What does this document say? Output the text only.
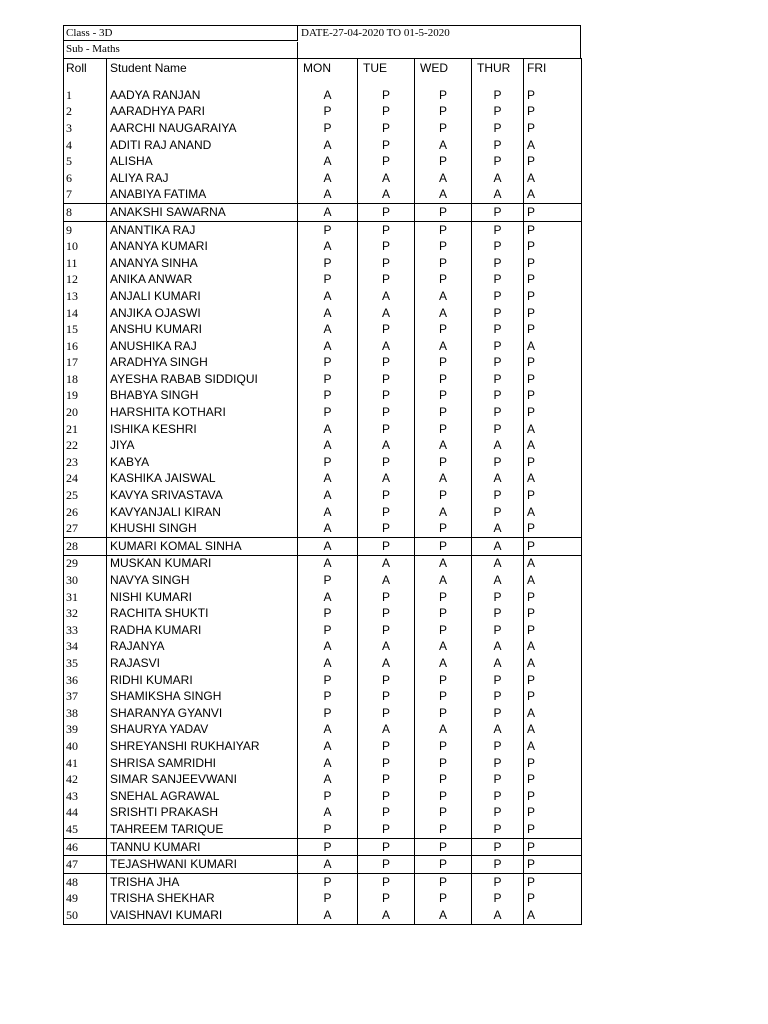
Class - 3D
Sub - Maths
DATE-27-04-2020 TO 01-5-2020
Roll	Student Name	MON	TUE	WED	THUR	FRI
1	AADYA RANJAN	A	P	P	P	P
2	AARADHYA PARI	P	P	P	P	P
3	AARCHI NAUGARAIYA	P	P	P	P	P
4	ADITI RAJ ANAND	A	P	A	P	A
5	ALISHA	A	P	P	P	P
6	ALIYA RAJ	A	A	A	A	A
7	ANABIYA FATIMA	A	A	A	A	A
8	ANAKSHI SAWARNA	A	P	P	P	P
9	ANANTIKA RAJ	P	P	P	P	P
10	ANANYA KUMARI	A	P	P	P	P
11	ANANYA SINHA	P	P	P	P	P
12	ANIKA ANWAR	P	P	P	P	P
13	ANJALI KUMARI	A	A	A	P	P
14	ANJIKA OJASWI	A	A	A	P	P
15	ANSHU KUMARI	A	P	P	P	P
16	ANUSHIKA RAJ	A	A	A	P	A
17	ARADHYA SINGH	P	P	P	P	P
18	AYESHA RABAB SIDDIQUI	P	P	P	P	P
19	BHABYA SINGH	P	P	P	P	P
20	HARSHITA KOTHARI	P	P	P	P	P
21	ISHIKA KESHRI	A	P	P	P	A
22	JIYA	A	A	A	A	A
23	KABYA	P	P	P	P	P
24	KASHIKA JAISWAL	A	A	A	A	A
25	KAVYA SRIVASTAVA	A	P	P	P	P
26	KAVYANJALI KIRAN	A	P	A	P	A
27	KHUSHI SINGH	A	P	P	A	P
28	KUMARI KOMAL SINHA	A	P	P	A	P
29	MUSKAN KUMARI	A	A	A	A	A
30	NAVYA SINGH	P	A	A	A	A
31	NISHI KUMARI	A	P	P	P	P
32	RACHITA SHUKTI	P	P	P	P	P
33	RADHA KUMARI	P	P	P	P	P
34	RAJANYA	A	A	A	A	A
35	RAJASVI	A	A	A	A	A
36	RIDHI KUMARI	P	P	P	P	P
37	SHAMIKSHA SINGH	P	P	P	P	P
38	SHARANYA GYANVI	P	P	P	P	A
39	SHAURYA YADAV	A	A	A	A	A
40	SHREYANSHI RUKHAIYAR	A	P	P	P	A
41	SHRISA SAMRIDHI	A	P	P	P	P
42	SIMAR SANJEEVWANI	A	P	P	P	P
43	SNEHAL AGRAWAL	P	P	P	P	P
44	SRISHTI PRAKASH	A	P	P	P	P
45	TAHREEM TARIQUE	P	P	P	P	P
46	TANNU KUMARI	P	P	P	P	P
47	TEJASHWANI KUMARI	A	P	P	P	P
48	TRISHA JHA	P	P	P	P	P
49	TRISHA SHEKHAR	P	P	P	P	P
50	VAISHNAVI KUMARI	A	A	A	A	A
